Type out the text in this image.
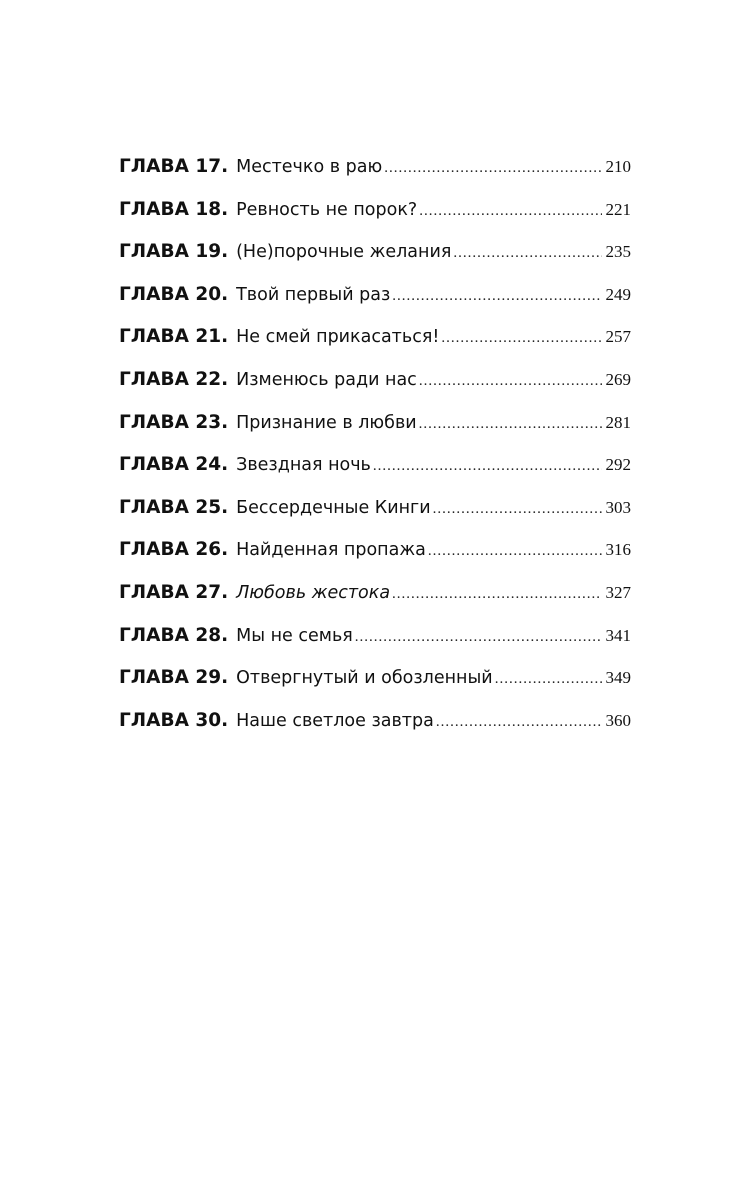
ГЛАВА 17. Местечко в раю .....	210
ГЛАВА 18. Ревность не порок? .....	221
ГЛАВА 19. (Не)порочные желания .....	235
ГЛАВА 20. Твой первый раз .....	249
ГЛАВА 21. Не смей прикасаться! .....	257
ГЛАВА 22. Изменюсь ради нас .....	269
ГЛАВА 23. Признание в любви .....	281
ГЛАВА 24. Звездная ночь .....	292
ГЛАВА 25. Бессердечные Кинги .....	303
ГЛАВА 26. Найденная пропажа .....	316
ГЛАВА 27. Любовь жестока .....	327
ГЛАВА 28. Мы не семья .....	341
ГЛАВА 29. Отвергнутый и обозленный .....	349
ГЛАВА 30. Наше светлое завтра .....	360
